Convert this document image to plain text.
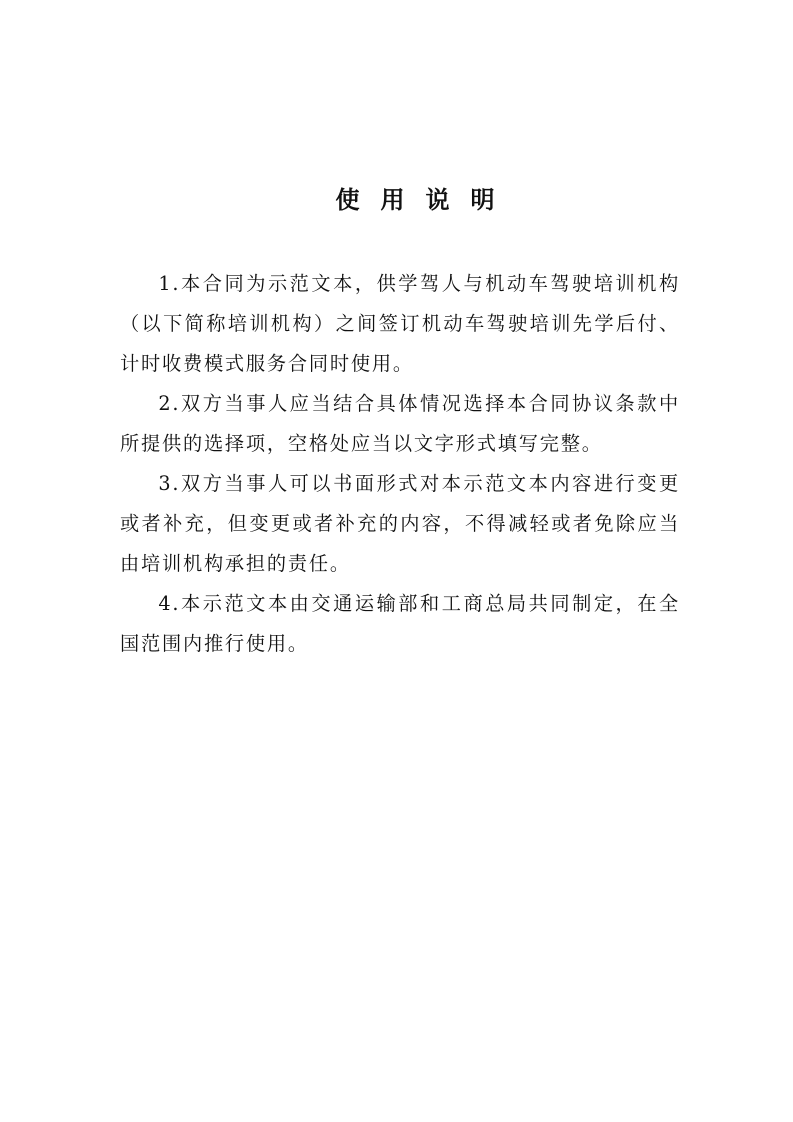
使用说明

1.本合同为示范文本，供学驾人与机动车驾驶培训机构（以下简称培训机构）之间签订机动车驾驶培训先学后付、计时收费模式服务合同时使用。

2.双方当事人应当结合具体情况选择本合同协议条款中所提供的选择项，空格处应当以文字形式填写完整。

3.双方当事人可以书面形式对本示范文本内容进行变更或者补充，但变更或者补充的内容，不得减轻或者免除应当由培训机构承担的责任。

4.本示范文本由交通运输部和工商总局共同制定，在全国范围内推行使用。
